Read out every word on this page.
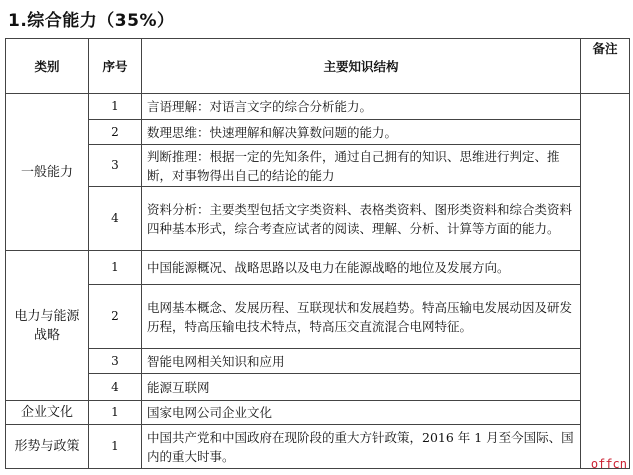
1.综合能力（35%）
类别	序号	主要知识结构	备注
一般能力	1	言语理解：对语言文字的综合分析能力。	
	2	数理思维：快速理解和解决算数问题的能力。	
	3	判断推理：根据一定的先知条件，通过自己拥有的知识、思维进行判定、推断，对事物得出自己的结论的能力	
	4	资料分析：主要类型包括文字类资料、表格类资料、图形类资料和综合类资料四种基本形式，综合考查应试者的阅读、理解、分析、计算等方面的能力。	
电力与能源战略	1	中国能源概况、战略思路以及电力在能源战略的地位及发展方向。	
	2	电网基本概念、发展历程、互联现状和发展趋势。特高压输电发展动因及研发历程，特高压输电技术特点，特高压交直流混合电网特征。	
	3	智能电网相关知识和应用	
	4	能源互联网	
企业文化	1	国家电网公司企业文化	
形势与政策	1	中国共产党和中国政府在现阶段的重大方针政策，2016 年 1 月至今国际、国内的重大时事。	
offcn
